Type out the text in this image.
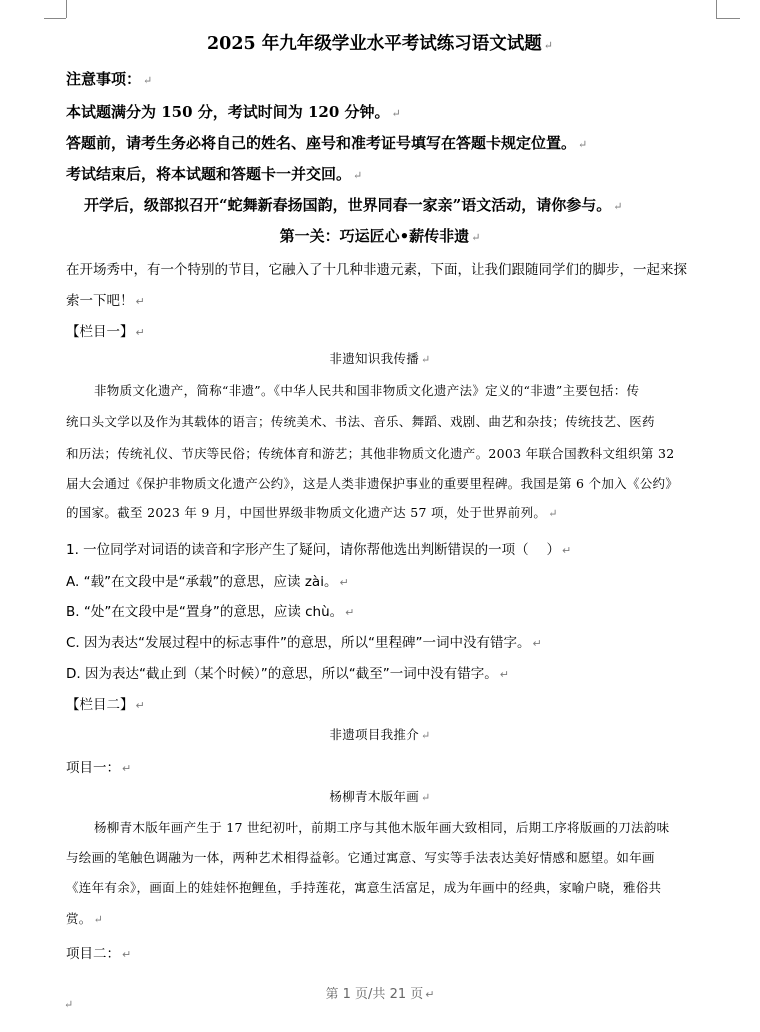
2025 年九年级学业水平考试练习语文试题 ↵
注意事项： ↵
本试题满分为 150 分，考试时间为 120 分钟。 ↵
答题前，请考生务必将自己的姓名、座号和准考证号填写在答题卡规定位置。 ↵
考试结束后，将本试题和答题卡一并交回。 ↵
开学后，级部拟召开“蛇舞新春扬国韵，世界同春一家亲”语文活动，请你参与。 ↵
第一关：巧运匠心•薪传非遗 ↵
在开场秀中，有一个特别的节目，它融入了十几种非遗元素，下面，让我们跟随同学们的脚步，一起来探
索一下吧！ ↵
【栏目一】 ↵
非遗知识我传播 ↵
非物质文化遗产，简称“非遗”。《中华人民共和国非物质文化遗产法》定义的“非遗”主要包括：传
统口头文学以及作为其载体的语言；传统美术、书法、音乐、舞蹈、戏剧、曲艺和杂技；传统技艺、医药
和历法；传统礼仪、节庆等民俗；传统体育和游艺；其他非物质文化遗产。2003 年联合国教科文组织第 32
届大会通过《保护非物质文化遗产公约》，这是人类非遗保护事业的重要里程碑。我国是第 6 个加入《公约》
的国家。截至 2023 年 9 月，中国世界级非物质文化遗产达 57 项，处于世界前列。 ↵
1. 一位同学对词语的读音和字形产生了疑问，请你帮他选出判断错误的一项（　 ） ↵
A. “载”在文段中是“承载”的意思，应读 zài。 ↵
B. “处”在文段中是“置身”的意思，应读 chù。 ↵
C. 因为表达“发展过程中的标志事件”的意思，所以“里程碑”一词中没有错字。 ↵
D. 因为表达“截止到（某个时候）”的意思，所以“截至”一词中没有错字。 ↵
【栏目二】 ↵
非遗项目我推介 ↵
项目一： ↵
杨柳青木版年画 ↵
杨柳青木版年画产生于 17 世纪初叶，前期工序与其他木版年画大致相同，后期工序将版画的刀法韵味
与绘画的笔触色调融为一体，两种艺术相得益彰。它通过寓意、写实等手法表达美好情感和愿望。如年画
《连年有余》，画面上的娃娃怀抱鲤鱼，手持莲花，寓意生活富足，成为年画中的经典，家喻户晓，雅俗共
赏。 ↵
项目二： ↵
第 1 页/共 21 页 ↵
↵
